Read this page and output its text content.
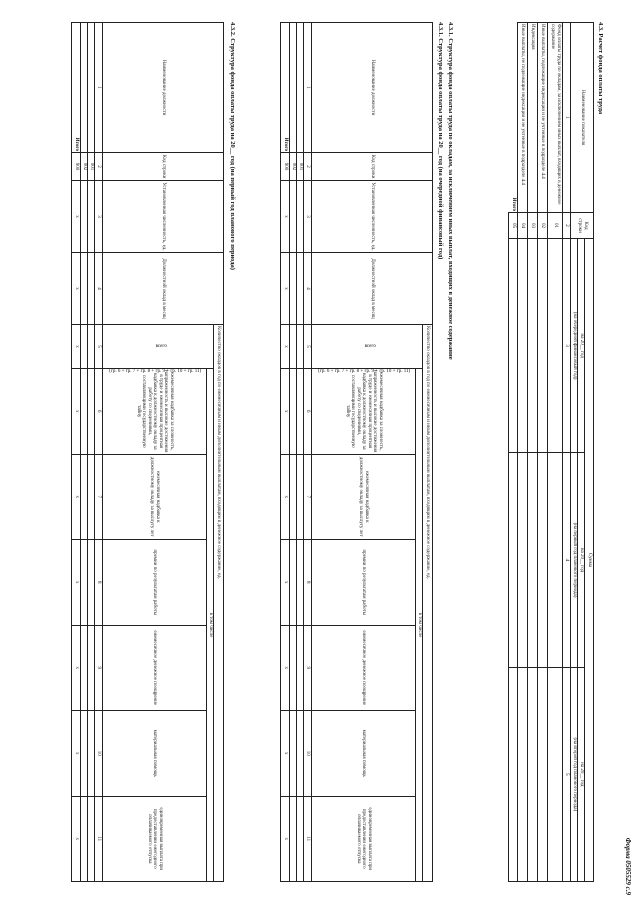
Форма 0505529 с.9
4.3. Расчет фонда оплаты труда
Наименование показателя	Код строки	Сумма		
		на 20__ год	на 20__ год	на 20__ год
		(на очередной финансовый год)	(на первый год планового периода)	(на второй год планового периода)
1	2	3	4	5
Фонд оплаты труда по окладам, за исключением иных выплат, входящих в денежное содержание	01			
Иные выплаты, подлежащие индексации и не учтенные в подразделе 4.4	02			
Индексация	03			
Иные выплаты, не подлежащие индексации и не учтенные в подразделе 4.4	04			
Итого	05			
4.3.1. Структура фонда оплаты труда по окладам, за исключением иных выплат, входящих в денежное содержание
4.3.1. Структура фонда оплаты труда на 20__ год (на очередной финансовый год)
Наименование должности	Код строки	Установленная численность, ед.	Должностной оклад в месяц	Количество окладов в год по ежемесячным и иным дополнительным выплатам, входящим в денежное содержание, ед.						
				всего
(гр. 6 + гр. 7 + гр. 8 + гр. 9 + гр. 10 + гр. 11)	в том числе					
					ежемесячная надбавка за сложность, напряженность и высокие достижения в труде и ежемесячная процентная надбавка к должностному окладу за работу со сведениями, составляющими государственную тайну	ежемесячная надбавка к должностному окладу за выслугу лет	премии по результатам работы	ежемесячное денежное поощрение	материальная помощь	единовременная выплата при предоставлении ежегодного оплачиваемого отпуска
1	2	3	4	5	6	7	8	9	10	11
	001									
	002									
Итого	900	x	x	x	x	x	x	x	x	x
4.3.2. Структура фонда оплаты труда на 20__ год (на первый год планового периода)
Наименование должности	Код строки	Установленная численность, ед.	Должностной оклад в месяц	Количество окладов в год по ежемесячным и иным дополнительным выплатам, входящим в денежное содержание, ед.						
				всего
(гр. 6 + гр. 7 + гр. 8 + гр. 9 + гр. 10 + гр. 11)	в том числе					
					ежемесячная надбавка за сложность, напряженность и высокие достижения в труде и ежемесячная процентная надбавка к должностному окладу за работу со сведениями, составляющими государственную тайну	ежемесячная надбавка к должностному окладу за выслугу лет	премии по результатам работы	ежемесячное денежное поощрение	материальная помощь	единовременная выплата при предоставлении ежегодного оплачиваемого отпуска
1	2	3	4	5	6	7	8	9	10	11
	001									
	002									
Итого	900	x	x	x	x	x	x	x	x	x
